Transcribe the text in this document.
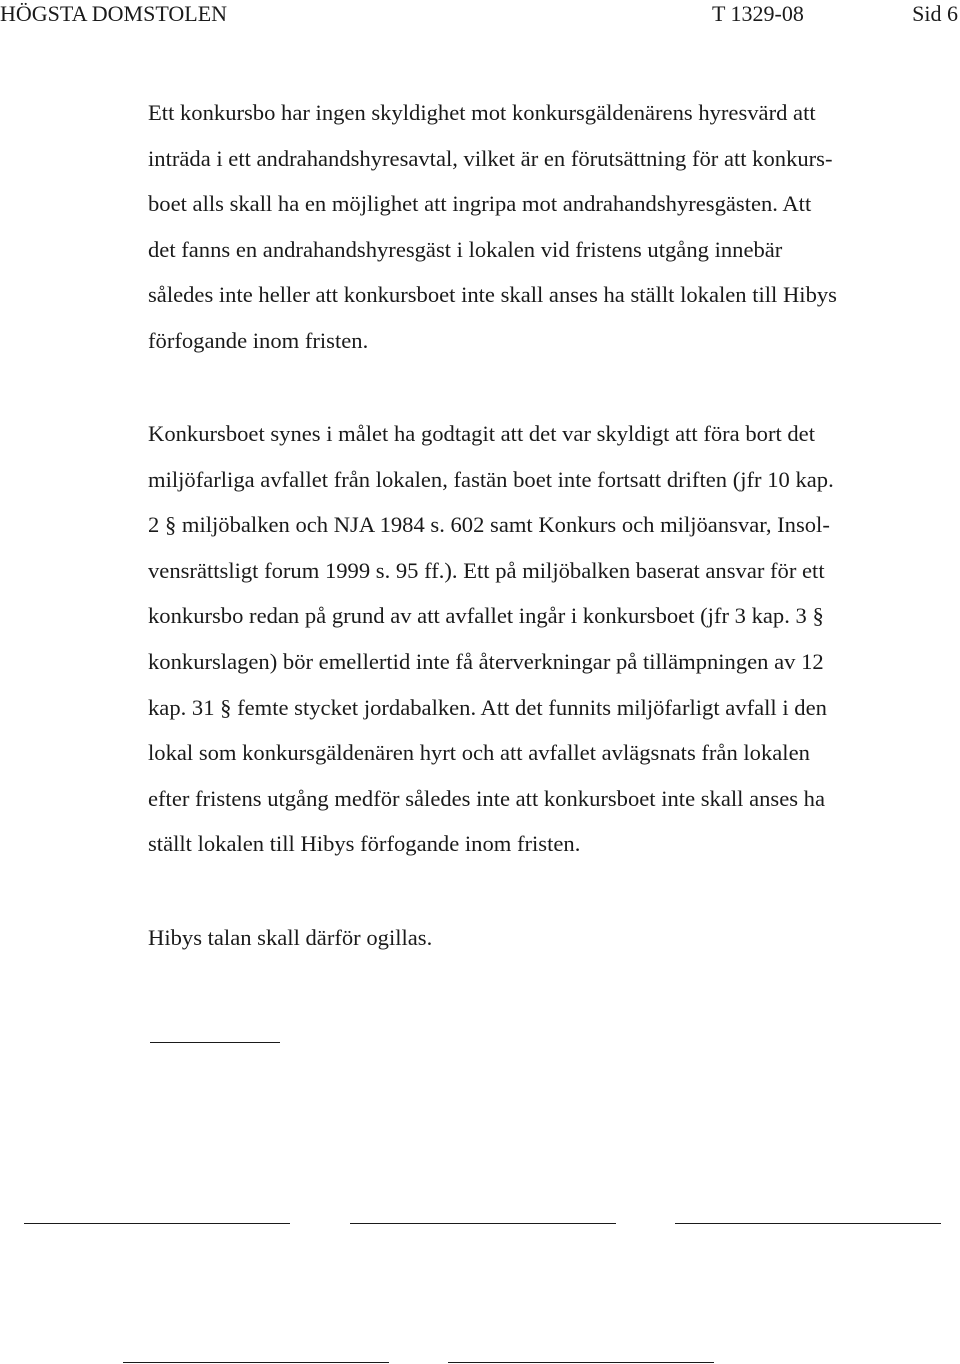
HÖGSTA DOMSTOLEN	T 1329-08	Sid 6
Ett konkursbo har ingen skyldighet mot konkursgäldenärens hyresvärd att
inträda i ett andrahandshyresavtal, vilket är en förutsättning för att konkurs-
boet alls skall ha en möjlighet att ingripa mot andrahandshyresgästen. Att
det fanns en andrahandshyresgäst i lokalen vid fristens utgång innebär
således inte heller att konkursboet inte skall anses ha ställt lokalen till Hibys
förfogande inom fristen.
Konkursboet synes i målet ha godtagit att det var skyldigt att föra bort det
miljöfarliga avfallet från lokalen, fastän boet inte fortsatt driften (jfr 10 kap.
2 § miljöbalken och NJA 1984 s. 602 samt Konkurs och miljöansvar, Insol-
vensrättsligt forum 1999 s. 95 ff.). Ett på miljöbalken baserat ansvar för ett
konkursbo redan på grund av att avfallet ingår i konkursboet (jfr 3 kap. 3 §
konkurslagen) bör emellertid inte få återverkningar på tillämpningen av 12
kap. 31 § femte stycket jordabalken. Att det funnits miljöfarligt avfall i den
lokal som konkursgäldenären hyrt och att avfallet avlägsnats från lokalen
efter fristens utgång medför således inte att konkursboet inte skall anses ha
ställt lokalen till Hibys förfogande inom fristen.
Hibys talan skall därför ogillas.
